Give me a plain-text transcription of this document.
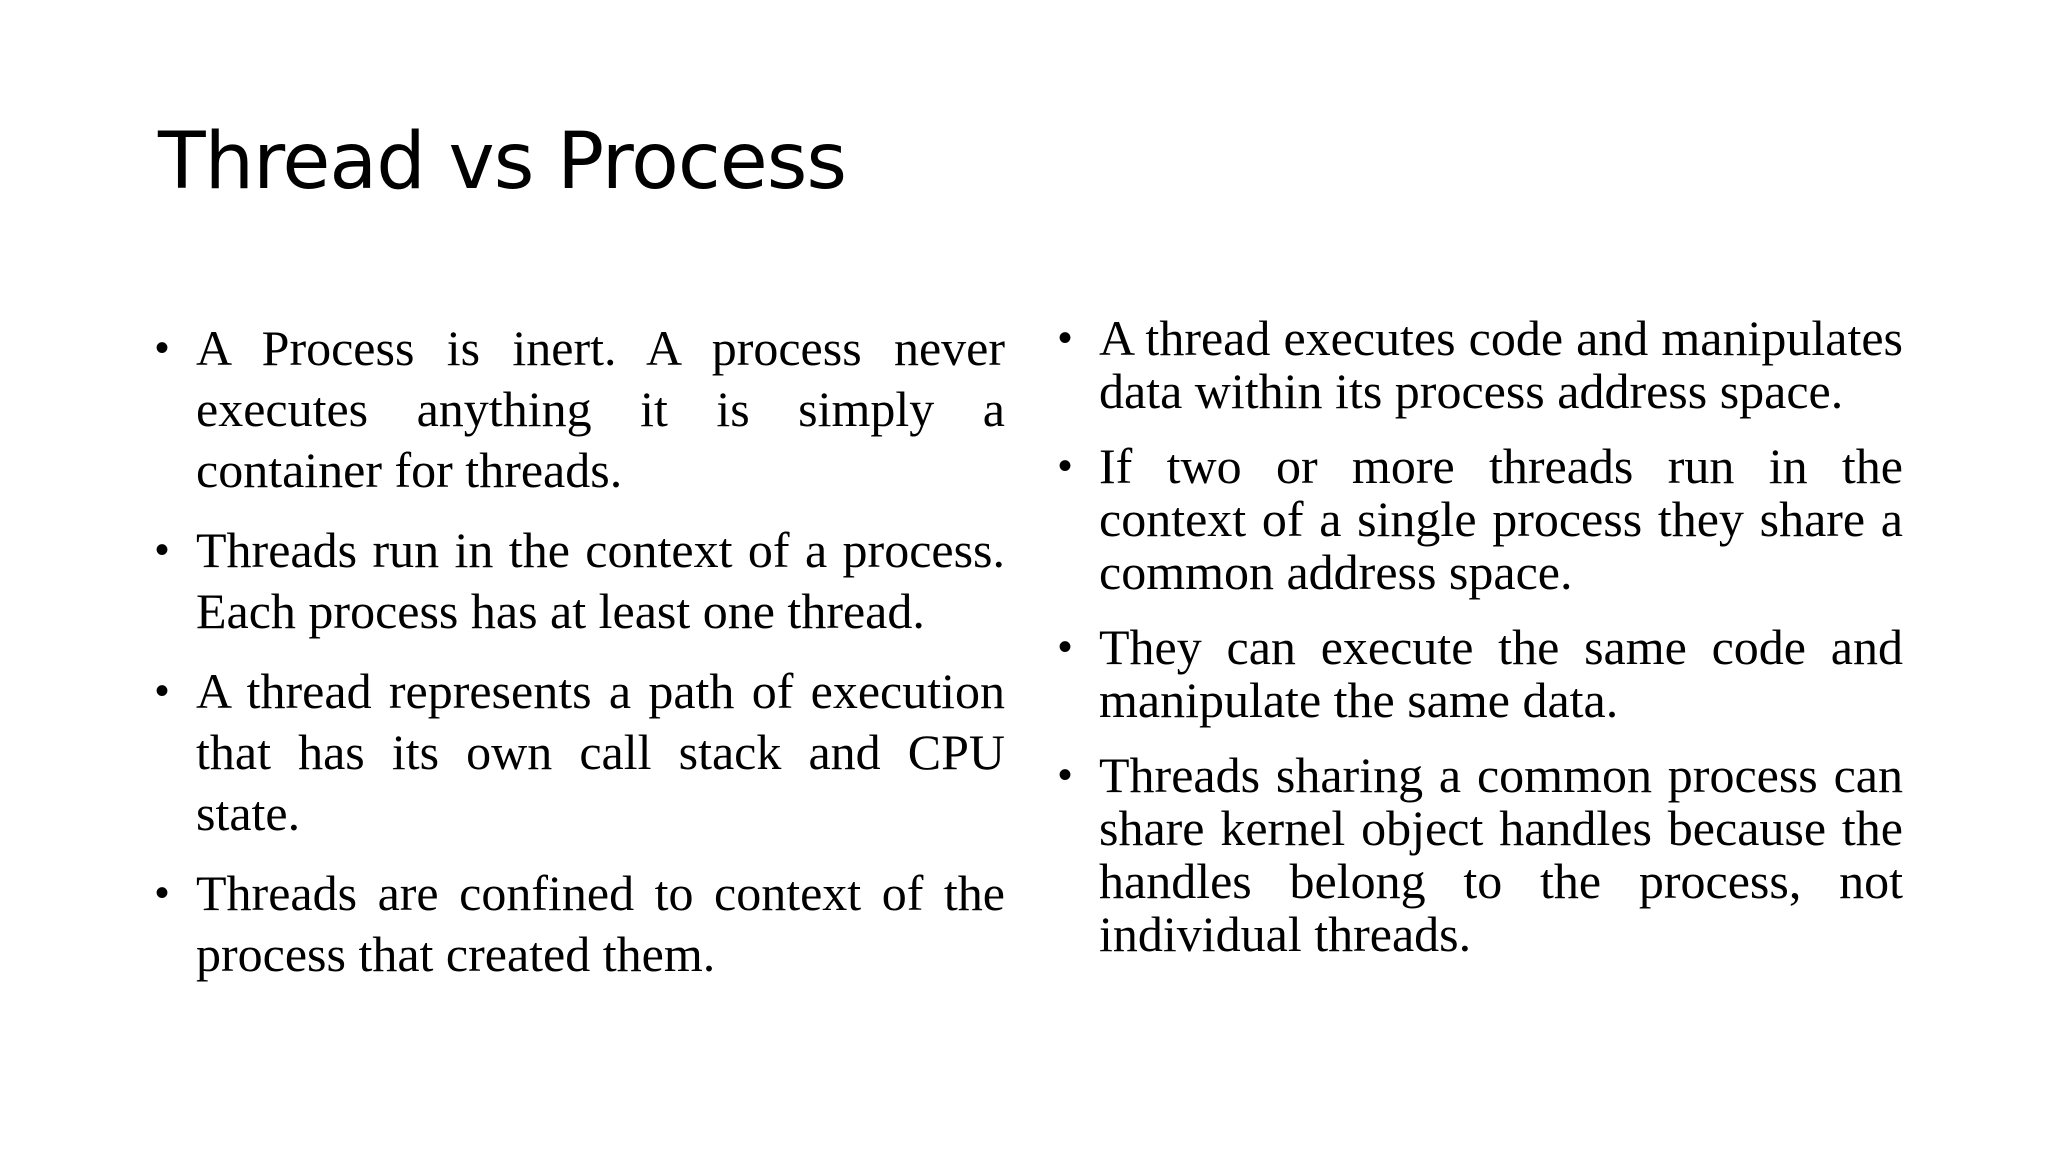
Thread vs Process
• A Process is inert. A process never executes anything it is simply a container for threads.
• Threads run in the context of a process. Each process has at least one thread.
• A thread represents a path of execution that has its own call stack and CPU state.
• Threads are confined to context of the process that created them.
• A thread executes code and manipulates data within its process address space.
• If two or more threads run in the context of a single process they share a common address space.
• They can execute the same code and manipulate the same data.
• Threads sharing a common process can share kernel object handles because the handles belong to the process, not individual threads.
